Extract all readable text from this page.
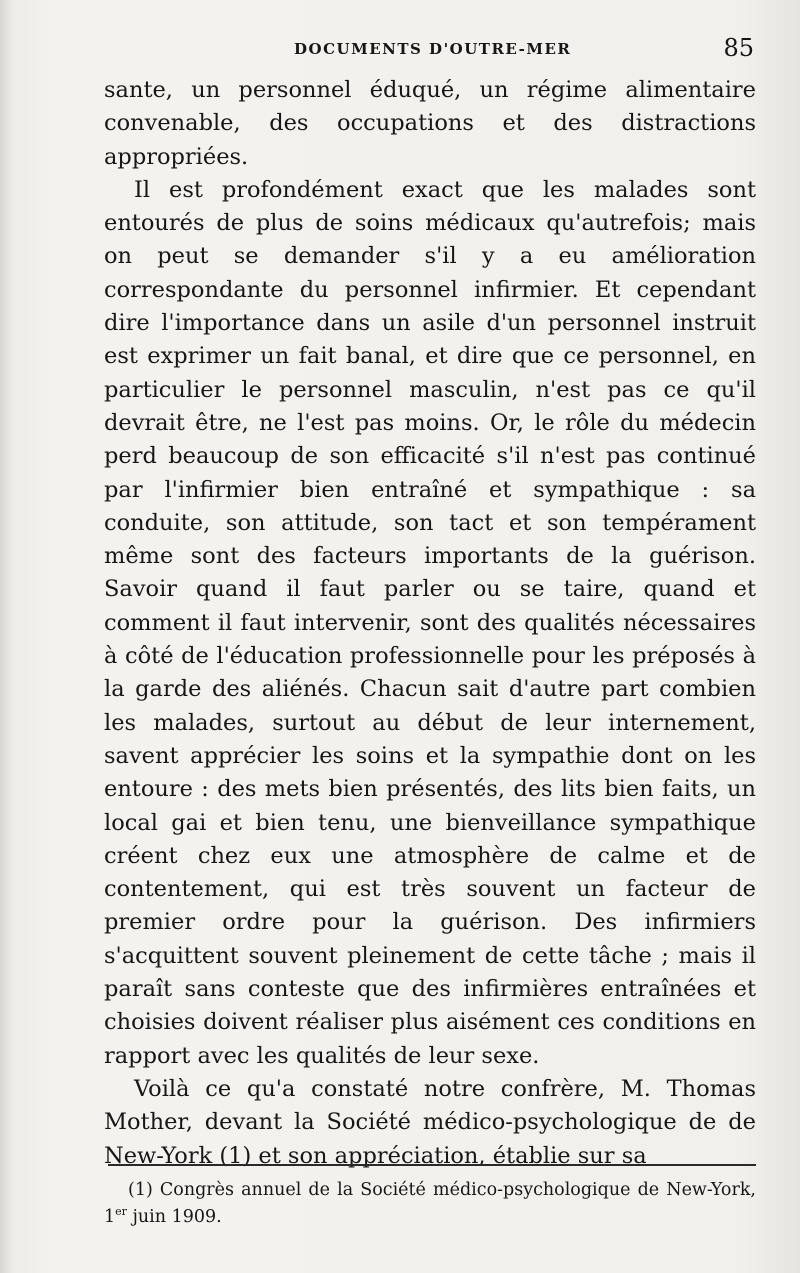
DOCUMENTS D'OUTRE-MER	85

sante, un personnel éduqué, un régime alimentaire convenable, des occupations et des distractions appropriées.

Il est profondément exact que les malades sont entourés de plus de soins médicaux qu'autrefois; mais on peut se demander s'il y a eu amélioration correspondante du personnel infirmier. Et cependant dire l'importance dans un asile d'un personnel instruit est exprimer un fait banal, et dire que ce personnel, en particulier le personnel masculin, n'est pas ce qu'il devrait être, ne l'est pas moins. Or, le rôle du médecin perd beaucoup de son efficacité s'il n'est pas continué par l'infirmier bien entraîné et sympathique : sa conduite, son attitude, son tact et son tempérament même sont des facteurs importants de la guérison. Savoir quand il faut parler ou se taire, quand et comment il faut intervenir, sont des qualités nécessaires à côté de l'éducation professionnelle pour les préposés à la garde des aliénés. Chacun sait d'autre part combien les malades, surtout au début de leur internement, savent apprécier les soins et la sympathie dont on les entoure : des mets bien présentés, des lits bien faits, un local gai et bien tenu, une bienveillance sympathique créent chez eux une atmosphère de calme et de contentement, qui est très souvent un facteur de premier ordre pour la guérison. Des infirmiers s'acquittent souvent pleinement de cette tâche ; mais il paraît sans conteste que des infirmières entraînées et choisies doivent réaliser plus aisément ces conditions en rapport avec les qualités de leur sexe.

Voilà ce qu'a constaté notre confrère, M. Thomas Mother, devant la Société médico-psychologique de de New-York (1) et son appréciation, établie sur sa

(1) Congrès annuel de la Société médico-psychologique de New-York, 1er juin 1909.
